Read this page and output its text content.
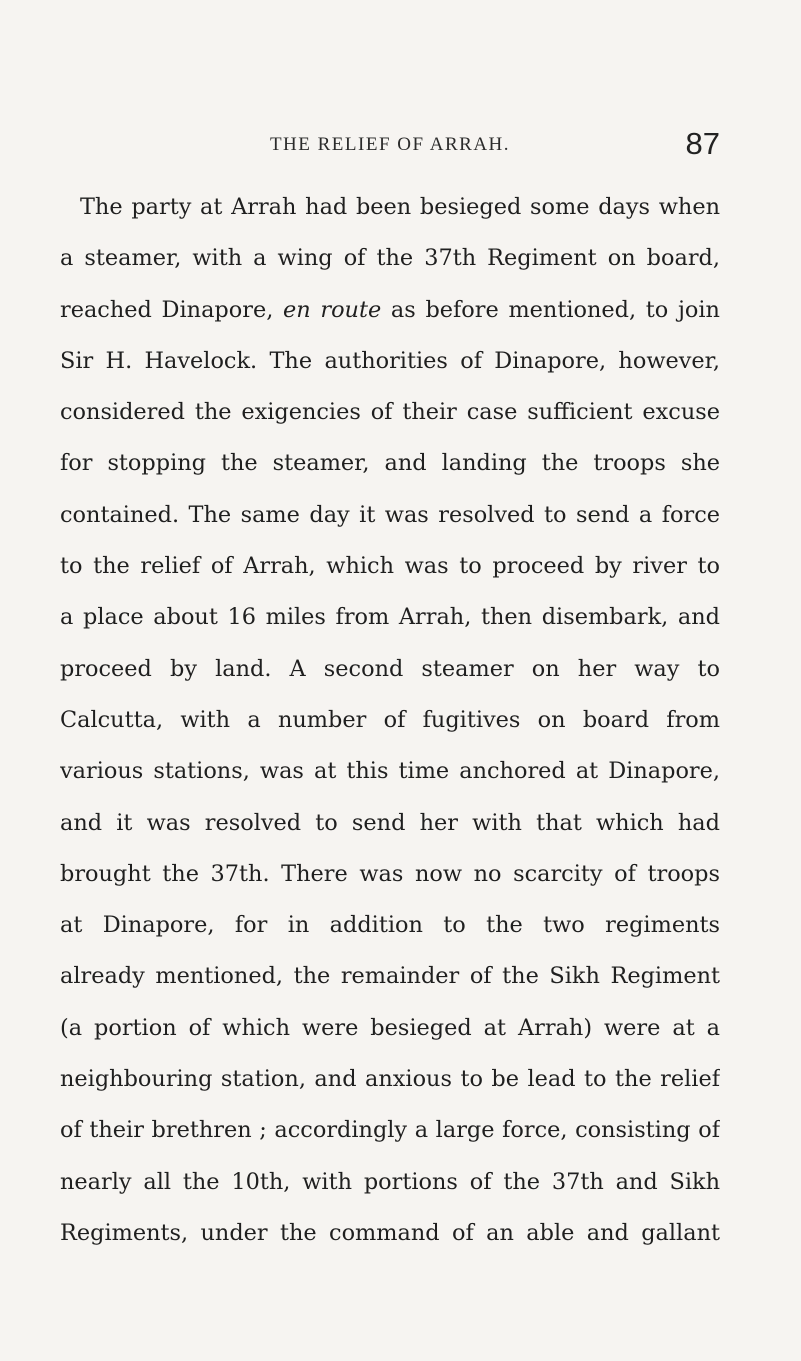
THE RELIEF OF ARRAH.	87
The party at Arrah had been besieged some days when
a steamer, with a wing of the 37th Regiment on board,
reached Dinapore, en route as before mentioned, to join
Sir H. Havelock. The authorities of Dinapore, however,
considered the exigencies of their case sufficient excuse
for stopping the steamer, and landing the troops she
contained. The same day it was resolved to send a force
to the relief of Arrah, which was to proceed by river to
a place about 16 miles from Arrah, then disembark, and
proceed by land. A second steamer on her way to
Calcutta, with a number of fugitives on board from
various stations, was at this time anchored at Dinapore,
and it was resolved to send her with that which had
brought the 37th. There was now no scarcity of troops
at Dinapore, for in addition to the two regiments
already mentioned, the remainder of the Sikh Regiment
(a portion of which were besieged at Arrah) were at a
neighbouring station, and anxious to be lead to the relief
of their brethren ; accordingly a large force, consisting of
nearly all the 10th, with portions of the 37th and Sikh
Regiments, under the command of an able and gallant
